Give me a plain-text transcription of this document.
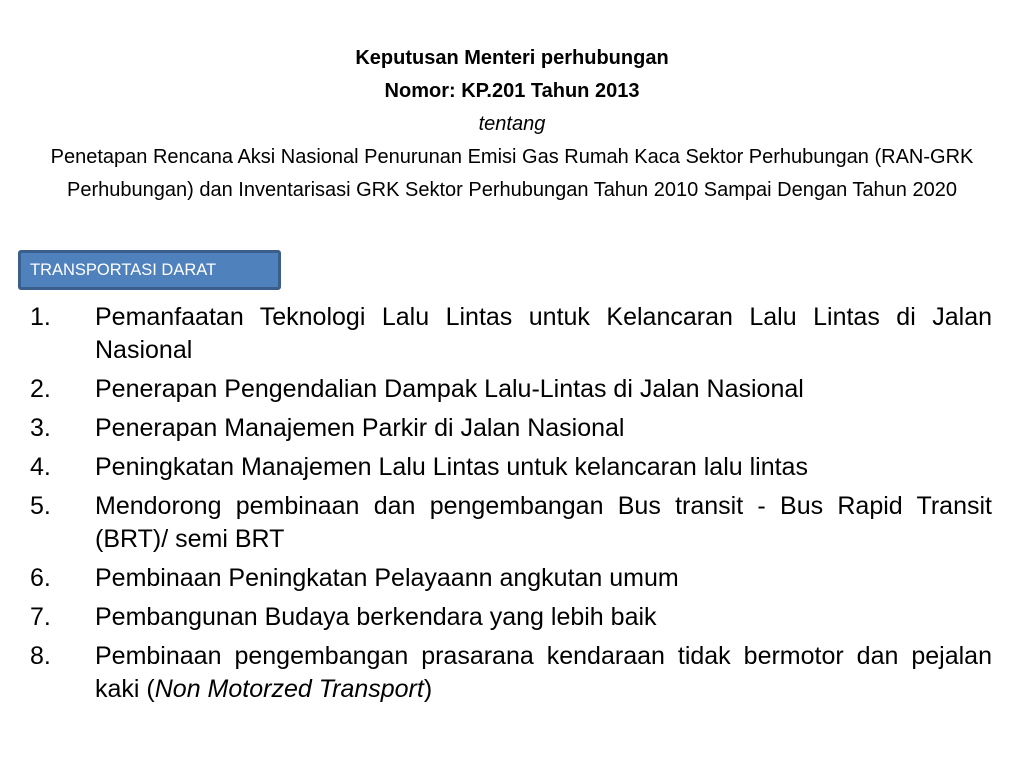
Keputusan Menteri perhubungan
Nomor: KP.201 Tahun 2013
tentang
Penetapan Rencana Aksi Nasional Penurunan Emisi Gas Rumah Kaca Sektor Perhubungan (RAN-GRK Perhubungan) dan Inventarisasi GRK Sektor Perhubungan Tahun 2010 Sampai Dengan Tahun 2020
TRANSPORTASI DARAT
1.	Pemanfaatan Teknologi Lalu Lintas untuk Kelancaran Lalu Lintas di Jalan Nasional
2.	Penerapan Pengendalian Dampak Lalu-Lintas di Jalan Nasional
3.	Penerapan Manajemen Parkir di Jalan Nasional
4.	Peningkatan Manajemen Lalu Lintas untuk kelancaran lalu lintas
5.	Mendorong pembinaan dan pengembangan Bus transit - Bus Rapid Transit (BRT)/ semi BRT
6.	Pembinaan Peningkatan Pelayaann angkutan umum
7.	Pembangunan Budaya berkendara yang lebih baik
8.	Pembinaan pengembangan prasarana kendaraan tidak bermotor dan pejalan kaki (Non Motorzed Transport)
